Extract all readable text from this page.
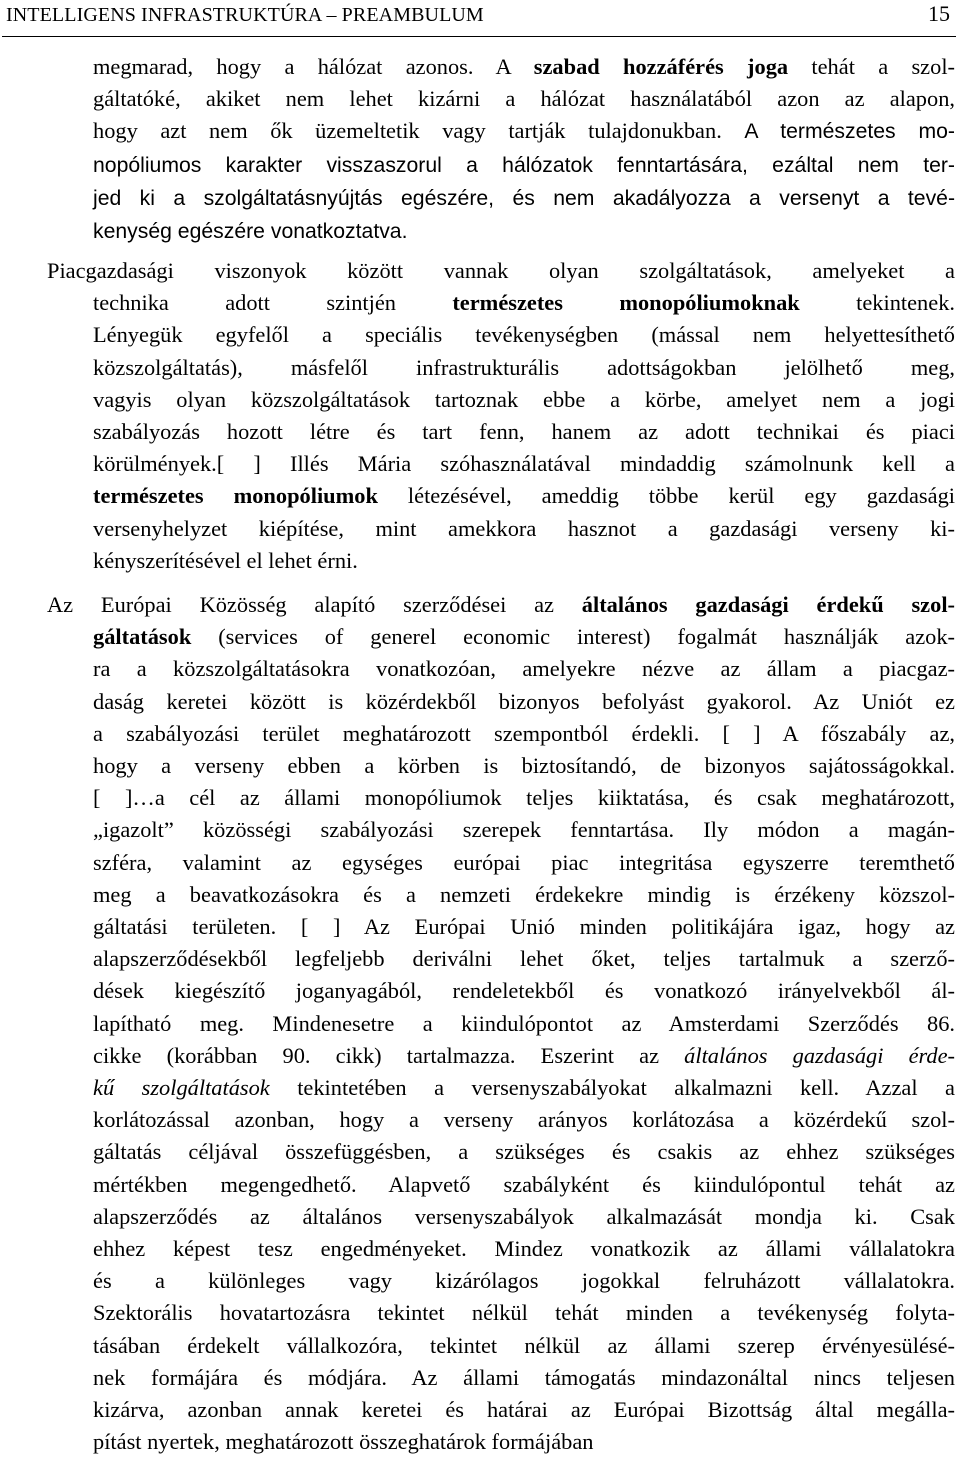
INTELLIGENS INFRASTRUKTÚRA – PREAMBULUM	15
megmarad, hogy a hálózat azonos. A szabad hozzáférés joga tehát a szol-
gáltatóké, akiket nem lehet kizárni a hálózat használatából azon az alapon,
hogy azt nem ők üzemeltetik vagy tartják tulajdonukban. A természetes mo-
nopóliumos karakter visszaszorul a hálózatok fenntartására, ezáltal nem ter-
jed ki a szolgáltatásnyújtás egészére, és nem akadályozza a versenyt a tevé-
kenység egészére vonatkoztatva.
Piacgazdasági viszonyok között vannak olyan szolgáltatások, amelyeket a
technika adott szintjén természetes monopóliumoknak tekintenek.
Lényegük egyfelől a speciális tevékenységben (mással nem helyettesíthető
közszolgáltatás), másfelől infrastrukturális adottságokban jelölhető meg,
vagyis olyan közszolgáltatások tartoznak ebbe a körbe, amelyet nem a jogi
szabályozás hozott létre és tart fenn, hanem az adott technikai és piaci
körülmények.[ ] Illés Mária szóhasználatával mindaddig számolnunk kell a
természetes monopóliumok létezésével, ameddig többe kerül egy gazdasági
versenyhelyzet kiépítése, mint amekkora hasznot a gazdasági verseny ki-
kényszerítésével el lehet érni.
Az Európai Közösség alapító szerződései az általános gazdasági érdekű szol-
gáltatások (services of generel economic interest) fogalmát használják azok-
ra a közszolgáltatásokra vonatkozóan, amelyekre nézve az állam a piacgaz-
daság keretei között is közérdekből bizonyos befolyást gyakorol. Az Uniót ez
a szabályozási terület meghatározott szempontból érdekli. [ ] A főszabály az,
hogy a verseny ebben a körben is biztosítandó, de bizonyos sajátosságokkal.
[ ]…a cél az állami monopóliumok teljes kiiktatása, és csak meghatározott,
„igazolt” közösségi szabályozási szerepek fenntartása. Ily módon a magán-
szféra, valamint az egységes európai piac integritása egyszerre teremthető
meg a beavatkozásokra és a nemzeti érdekekre mindig is érzékeny közszol-
gáltatási területen. [ ] Az Európai Unió minden politikájára igaz, hogy az
alapszerződésekből legfeljebb deriválni lehet őket, teljes tartalmuk a szerző-
dések kiegészítő joganyagából, rendeletekből és vonatkozó irányelvekből ál-
lapítható meg. Mindenesetre a kiindulópontot az Amsterdami Szerződés 86.
cikke (korábban 90. cikk) tartalmazza. Eszerint az általános gazdasági érde-
kű szolgáltatások tekintetében a versenyszabályokat alkalmazni kell. Azzal a
korlátozással azonban, hogy a verseny arányos korlátozása a közérdekű szol-
gáltatás céljával összefüggésben, a szükséges és csakis az ehhez szükséges
mértékben megengedhető. Alapvető szabályként és kiindulópontul tehát az
alapszerződés az általános versenyszabályok alkalmazását mondja ki. Csak
ehhez képest tesz engedményeket. Mindez vonatkozik az állami vállalatokra
és a különleges vagy kizárólagos jogokkal felruházott vállalatokra.
Szektorális hovatartozásra tekintet nélkül tehát minden a tevékenység folyta-
tásában érdekelt vállalkozóra, tekintet nélkül az állami szerep érvényesülésé-
nek formájára és módjára. Az állami támogatás mindazonáltal nincs teljesen
kizárva, azonban annak keretei és határai az Európai Bizottság által megálla-
pítást nyertek, meghatározott összeghatárok formájában
